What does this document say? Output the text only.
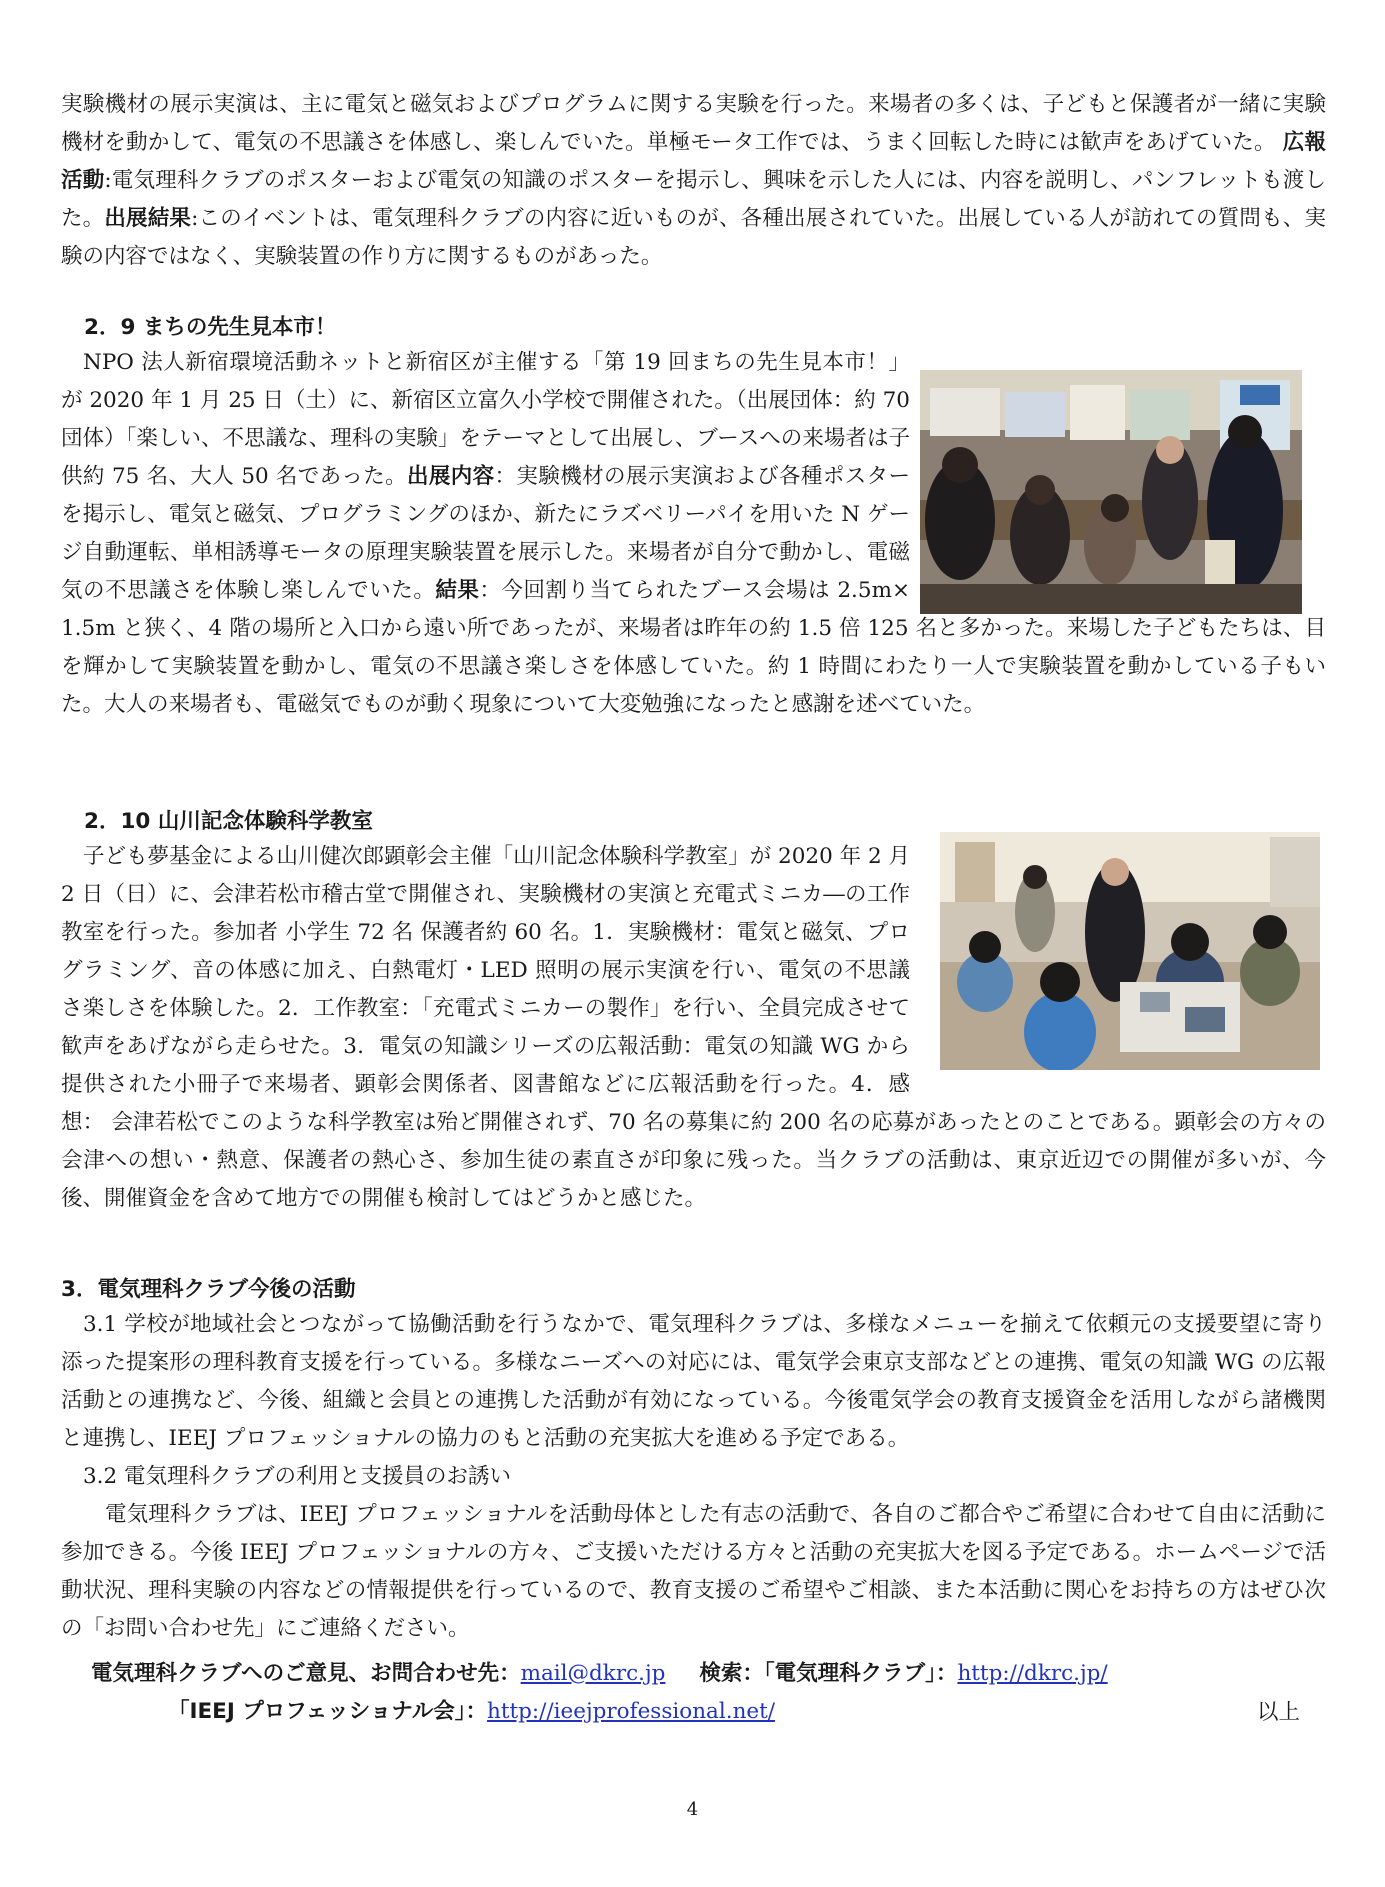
実験機材の展示実演は、主に電気と磁気およびプログラムに関する実験を行った。来場者の多くは、子どもと保護者が一緒に実験機材を動かして、電気の不思議さを体感し、楽しんでいた。単極モータ工作では、うまく回転した時には歓声をあげていた。 広報活動:電気理科クラブのポスターおよび電気の知識のポスターを掲示し、興味を示した人には、内容を説明し、パンフレットも渡した。出展結果:このイベントは、電気理科クラブの内容に近いものが、各種出展されていた。出展している人が訪れての質問も、実験の内容ではなく、実験装置の作り方に関するものがあった。

2．9 まちの先生見本市！

NPO 法人新宿環境活動ネットと新宿区が主催する「第 19 回まちの先生見本市！」が 2020 年 1 月 25 日（土）に、新宿区立富久小学校で開催された。（出展団体：約 70 団体）「楽しい、不思議な、理科の実験」をテーマとして出展し、ブースへの来場者は子供約 75 名、大人 50 名であった。出展内容：実験機材の展示実演および各種ポスターを掲示し、電気と磁気、プログラミングのほか、新たにラズベリーパイを用いた N ゲージ自動運転、単相誘導モータの原理実験装置を展示した。来場者が自分で動かし、電磁気の不思議さを体験し楽しんでいた。結果：今回割り当てられたブース会場は 2.5m×1.5m と狭く、4 階の場所と入口から遠い所であったが、来場者は昨年の約 1.5 倍 125 名と多かった。来場した子どもたちは、目を輝かして実験装置を動かし、電気の不思議さ楽しさを体感していた。約 1 時間にわたり一人で実験装置を動かしている子もいた。大人の来場者も、電磁気でものが動く現象について大変勉強になったと感謝を述べていた。

2．10 山川記念体験科学教室

子ども夢基金による山川健次郎顕彰会主催「山川記念体験科学教室」が 2020 年 2 月 2 日（日）に、会津若松市稽古堂で開催され、実験機材の実演と充電式ミニカ―の工作教室を行った。参加者 小学生 72 名 保護者約 60 名。1．実験機材：電気と磁気、プログラミング、音の体感に加え、白熱電灯・LED 照明の展示実演を行い、電気の不思議さ楽しさを体験した。2．工作教室：「充電式ミニカーの製作」を行い、全員完成させて歓声をあげながら走らせた。3．電気の知識シリーズの広報活動：電気の知識 WG から提供された小冊子で来場者、顕彰会関係者、図書館などに広報活動を行った。4．感想： 会津若松でこのような科学教室は殆ど開催されず、70 名の募集に約 200 名の応募があったとのことである。顕彰会の方々の会津への想い・熱意、保護者の熱心さ、参加生徒の素直さが印象に残った。当クラブの活動は、東京近辺での開催が多いが、今後、開催資金を含めて地方での開催も検討してはどうかと感じた。

3．電気理科クラブ今後の活動

3.1 学校が地域社会とつながって協働活動を行うなかで、電気理科クラブは、多様なメニューを揃えて依頼元の支援要望に寄り添った提案形の理科教育支援を行っている。多様なニーズへの対応には、電気学会東京支部などとの連携、電気の知識 WG の広報活動との連携など、今後、組織と会員との連携した活動が有効になっている。今後電気学会の教育支援資金を活用しながら諸機関と連携し、IEEJ プロフェッショナルの協力のもと活動の充実拡大を進める予定である。

3.2 電気理科クラブの利用と支援員のお誘い

電気理科クラブは、IEEJ プロフェッショナルを活動母体とした有志の活動で、各自のご都合やご希望に合わせて自由に活動に参加できる。今後 IEEJ プロフェッショナルの方々、ご支援いただける方々と活動の充実拡大を図る予定である。ホームページで活動状況、理科実験の内容などの情報提供を行っているので、教育支援のご希望やご相談、また本活動に関心をお持ちの方はぜひ次の「お問い合わせ先」にご連絡ください。

電気理科クラブへのご意見、お問合わせ先：mail@dkrc.jp 検索：「電気理科クラブ」：http://dkrc.jp/

「IEEJ プロフェッショナル会」：http://ieejprofessional.net/	以上

4
